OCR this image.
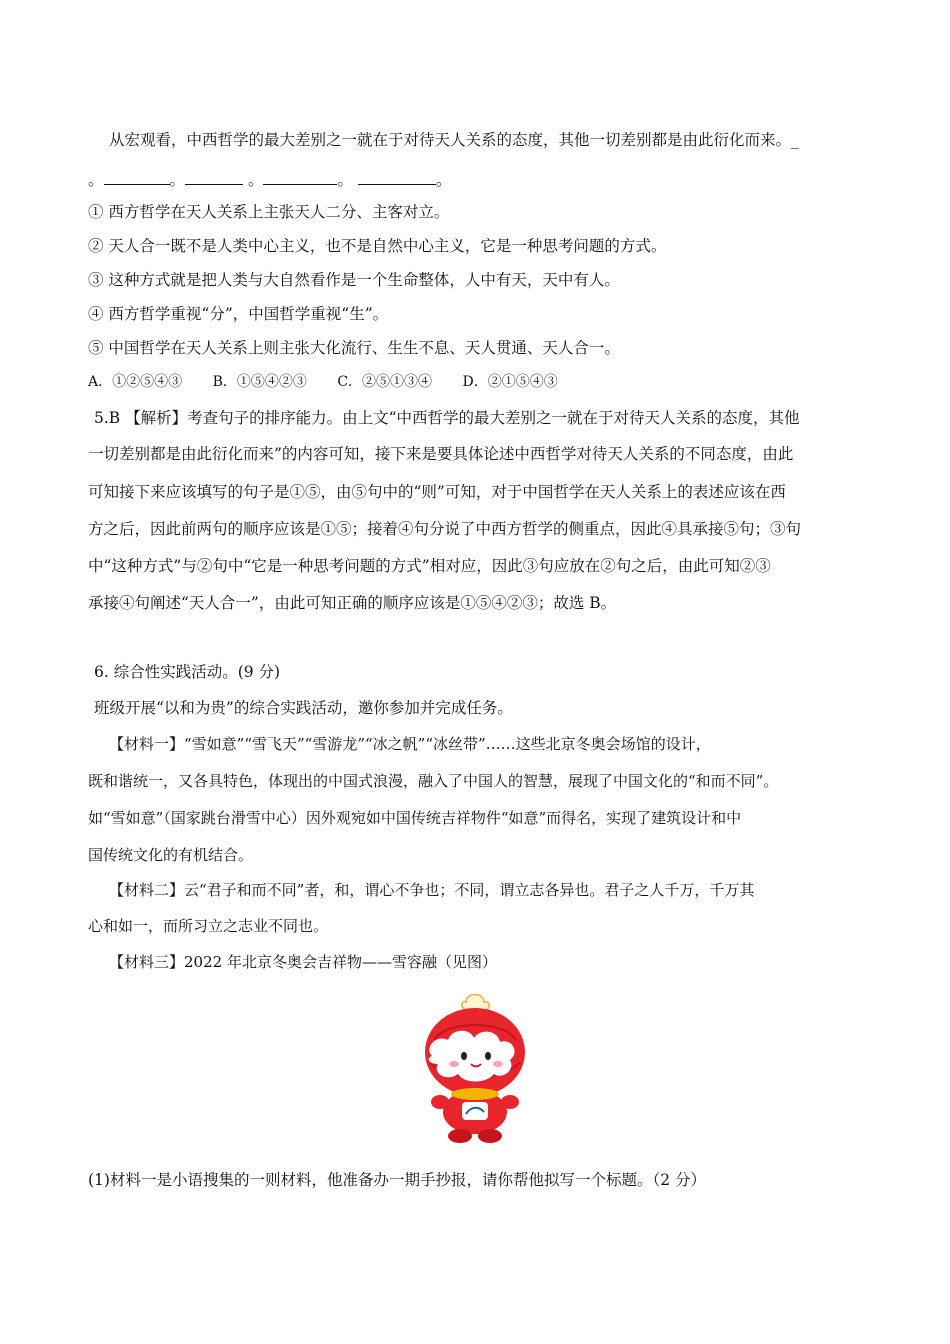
从宏观看，中西哲学的最大差别之一就在于对待天人关系的态度，其他一切差别都是由此衍化而来。_
。	。	。	。	。
① 西方哲学在天人关系上主张天人二分、主客对立。
② 天人合一既不是人类中心主义，也不是自然中心主义，它是一种思考问题的方式。
③ 这种方式就是把人类与大自然看作是一个生命整体，人中有天，天中有人。
④ 西方哲学重视“分”，中国哲学重视“生”。
⑤ 中国哲学在天人关系上则主张大化流行、生生不息、天人贯通、天人合一。
A．①②⑤④③ B．①⑤④②③ C．②⑤①③④ D．②①⑤④③
5.B 【解析】考查句子的排序能力。由上文“中西哲学的最大差别之一就在于对待天人关系的态度，其他
一切差别都是由此衍化而来”的内容可知，接下来是要具体论述中西哲学对待天人关系的不同态度，由此
可知接下来应该填写的句子是①⑤，由⑤句中的“则”可知，对于中国哲学在天人关系上的表述应该在西
方之后，因此前两句的顺序应该是①⑤；接着④句分说了中西方哲学的侧重点，因此④具承接⑤句；③句
中“这种方式”与②句中“它是一种思考问题的方式”相对应，因此③句应放在②句之后，由此可知②③
承接④句阐述“天人合一”，由此可知正确的顺序应该是①⑤④②③；故选 B。
6. 综合性实践活动。(9 分)
班级开展“以和为贵”的综合实践活动，邀你参加并完成任务。
【材料一】“雪如意”“雪飞天”“雪游龙”“冰之帆”“冰丝带”……这些北京冬奥会场馆的设计，
既和谐统一，又各具特色，体现出的中国式浪漫，融入了中国人的智慧，展现了中国文化的“和而不同”。
如“雪如意”（国家跳台滑雪中心）因外观宛如中国传统吉祥物件“如意”而得名，实现了建筑设计和中
国传统文化的有机结合。
【材料二】云“君子和而不同”者，和，谓心不争也；不同，谓立志各异也。君子之人千万，千万其
心和如一，而所习立之志业不同也。
【材料三】2022 年北京冬奥会吉祥物——雪容融（见图）
(1)材料一是小语搜集的一则材料，他准备办一期手抄报，请你帮他拟写一个标题。（2 分）
